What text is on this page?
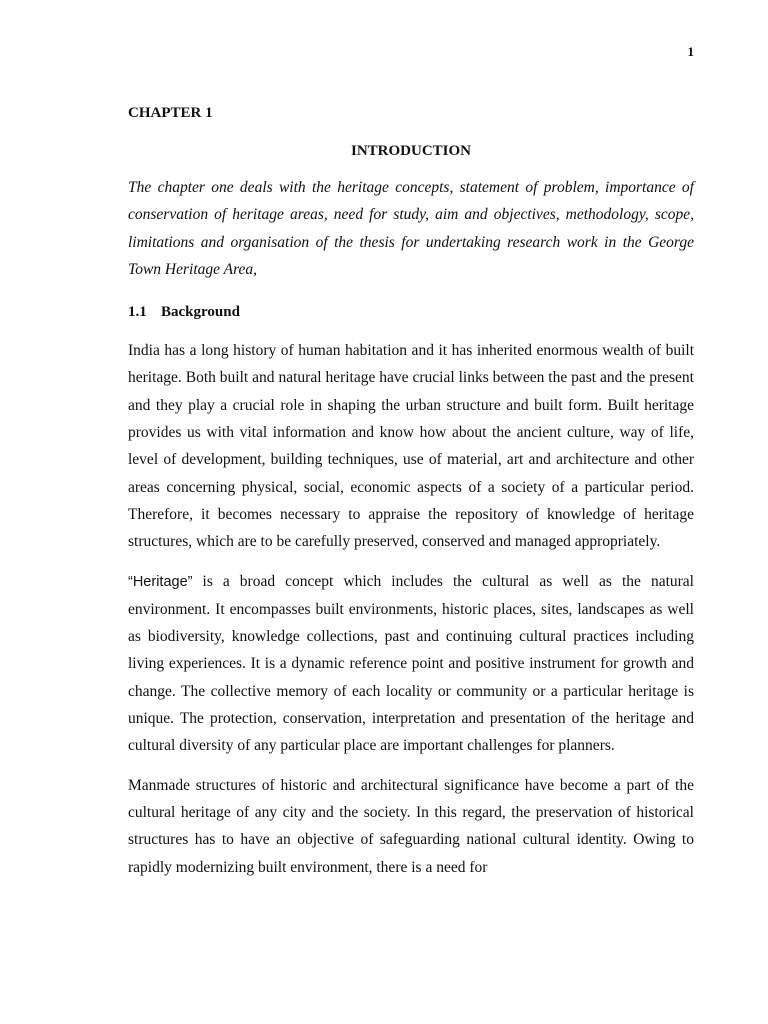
1
CHAPTER 1
INTRODUCTION

The chapter one deals with the heritage concepts, statement of problem, importance of conservation of heritage areas, need for study, aim and objectives, methodology, scope, limitations and organisation of the thesis for undertaking research work in the George Town Heritage Area,

1.1 Background

India has a long history of human habitation and it has inherited enormous wealth of built heritage. Both built and natural heritage have crucial links between the past and the present and they play a crucial role in shaping the urban structure and built form. Built heritage provides us with vital information and know how about the ancient culture, way of life, level of development, building techniques, use of material, art and architecture and other areas concerning physical, social, economic aspects of a society of a particular period. Therefore, it becomes necessary to appraise the repository of knowledge of heritage structures, which are to be carefully preserved, conserved and managed appropriately.

“Heritage” is a broad concept which includes the cultural as well as the natural environment. It encompasses built environments, historic places, sites, landscapes as well as biodiversity, knowledge collections, past and continuing cultural practices including living experiences. It is a dynamic reference point and positive instrument for growth and change. The collective memory of each locality or community or a particular heritage is unique. The protection, conservation, interpretation and presentation of the heritage and cultural diversity of any particular place are important challenges for planners.

Manmade structures of historic and architectural significance have become a part of the cultural heritage of any city and the society. In this regard, the preservation of historical structures has to have an objective of safeguarding national cultural identity. Owing to rapidly modernizing built environment, there is a need for
